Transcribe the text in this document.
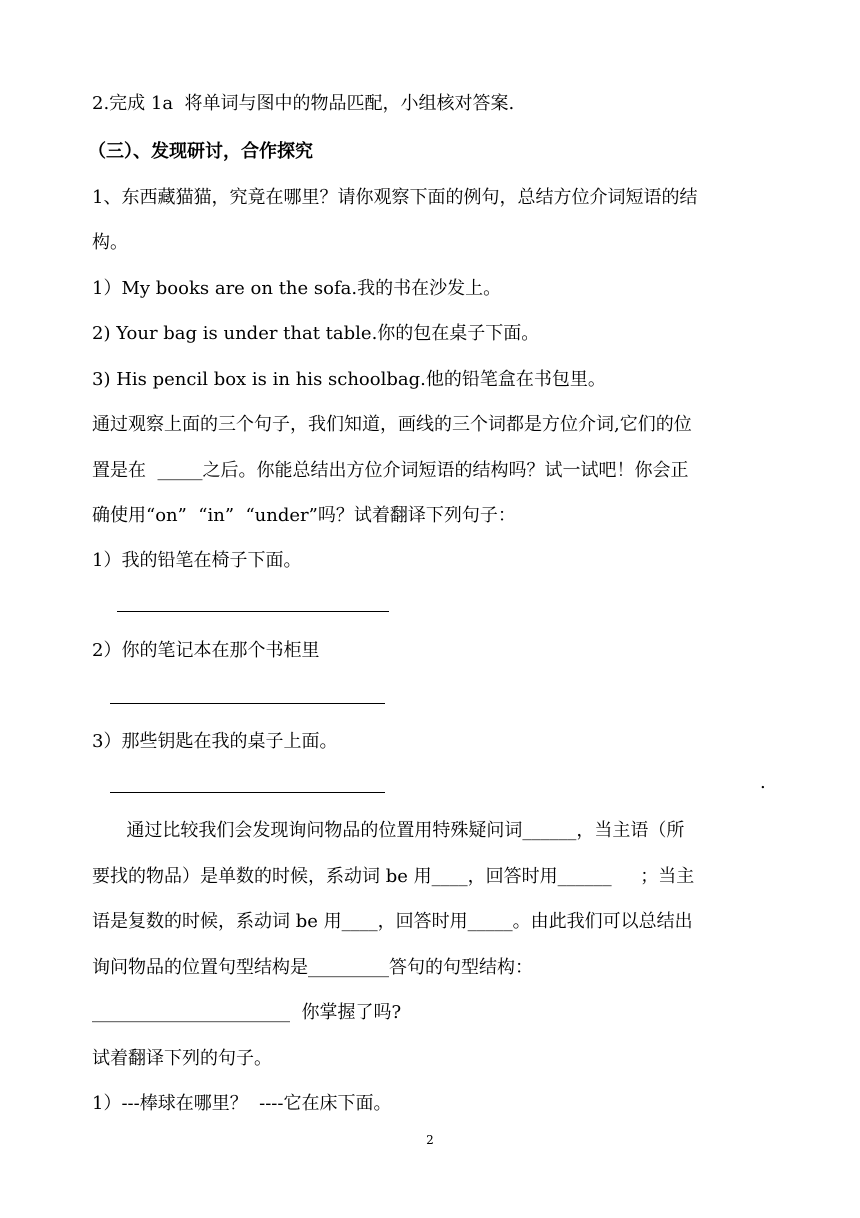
2.完成 1a  将单词与图中的物品匹配，小组核对答案.
（三）、发现研讨，合作探究
1、东西藏猫猫，究竟在哪里？请你观察下面的例句，总结方位介词短语的结
构。
1）My books are on the sofa.我的书在沙发上。
2) Your bag is under that table.你的包在桌子下面。
3) His pencil box is in his schoolbag.他的铅笔盒在书包里。
通过观察上面的三个句子，我们知道，画线的三个词都是方位介词,它们的位
置是在  _____之后。你能总结出方位介词短语的结构吗？试一试吧！你会正
确使用“on”  “in”  “under”吗？试着翻译下列句子：
1）我的铅笔在椅子下面。
2）你的笔记本在那个书柜里
3）那些钥匙在我的桌子上面。
.
通过比较我们会发现询问物品的位置用特殊疑问词______，当主语（所
要找的物品）是单数的时候，系动词 be 用____，回答时用______     ；当主
语是复数的时候，系动词 be 用____，回答时用_____。由此我们可以总结出
询问物品的位置句型结构是_________答句的句型结构：
______________________  你掌握了吗?
试着翻译下列的句子。
1）---棒球在哪里？  ----它在床下面。
2
